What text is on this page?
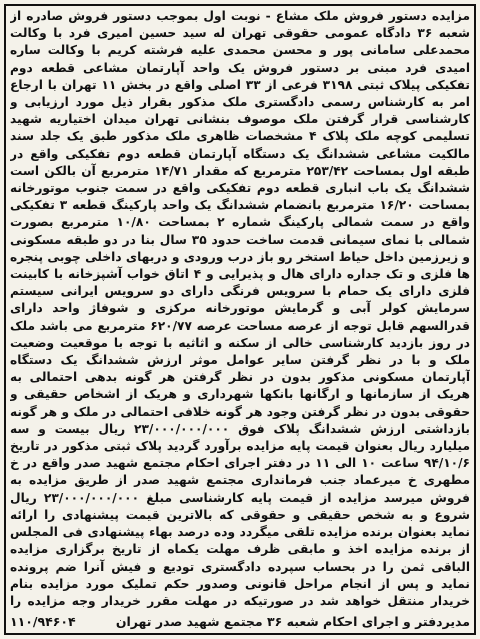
مزایده دستور فروش ملک مشاع - نوبت اول بموجب دستور فروش صادره از شعبه ۳۶ دادگاه عمومی حقوقی تهران له سید حسین امیری فرد با وکالت محمدعلی سامانی پور و محسن محمدی علیه فرشته کریم با وکالت ساره امیدی فرد مبنی بر دستور فروش یک واحد آپارتمان مشاعی قطعه دوم تفکیکی پیلاک ثبتی ۳۱۹۸ فرعی از ۳۳ اصلی واقع در بخش ۱۱ تهران با ارجاع امر به کارشناس رسمی دادگستری ملک مذکور بقرار ذیل مورد ارزیابی و کارشناسی قرار گرفتن ملک موصوف بنشانی تهران میدان اختیاریه شهید تسلیمی کوچه ملک پلاک ۴ مشخصات ظاهری ملک مذکور طبق یک جلد سند مالکیت مشاعی ششدانگ یک دستگاه آپارتمان قطعه دوم تفکیکی واقع در طبقه اول بمساحت ۲۵۳/۴۲ مترمربع که مقدار ۱۴/۷۱ مترمربع آن بالکن است ششدانگ یک باب انباری قطعه دوم تفکیکی واقع در سمت جنوب موتورخانه بمساحت ۱۶/۲۰ مترمربع بانضمام ششدانگ یک واحد پارکینگ قطعه ۳ تفکیکی واقع در سمت شمالی پارکینگ شماره ۲ بمساحت ۱۰/۸۰ مترمربع بصورت شمالی با نمای سیمانی قدمت ساخت حدود ۳۵ سال بنا در دو طبقه مسکونی و زیرزمین داخل حیاط استخر رو باز درب ورودی و دربهای داخلی چوبی پنجره ها فلزی و تک جداره دارای هال و پذیرایی و ۴ اتاق خواب آشپزخانه با کابینت فلزی دارای یک حمام با سرویس فرنگی دارای دو سرویس ایرانی سیستم سرمایش کولر آبی و گرمایش موتورخانه مرکزی و شوفاژ واحد دارای قدرالسهم قابل توجه از عرصه مساحت عرصه ۶۲۰/۷۷ مترمربع می باشد ملک در روز بازدید کارشناسی خالی از سکنه و اثاثیه با توجه با موقعیت وضعیت ملک و با در نظر گرفتن سایر عوامل موثر ارزش ششدانگ یک دستگاه آپارتمان مسکونی مذکور بدون در نظر گرفتن هر گونه بدهی احتمالی به هریک از سازمانها و ارگانها بانکها شهرداری و هریک از اشخاص حقیقی و حقوقی بدون در نظر گرفتن وجود هر گونه خلافی احتمالی در ملک و هر گونه بازداشتی ارزش ششدانگ پلاک فوق ۲۳/۰۰۰/۰۰۰/۰۰۰ ریال بیست و سه میلیارد ریال بعنوان قیمت پایه مزایده برآورد گردید پلاک ثبتی مذکور در تاریخ ۹۴/۱۰/۶ ساعت ۱۰ الی ۱۱ در دفتر اجرای احکام مجتمع شهید صدر واقع در خ مطهری خ میرعماد جنب فرمانداری مجتمع شهید صدر از طریق مزایده به فروش میرسد مزایده از قیمت پایه کارشناسی مبلغ ۲۳/۰۰۰/۰۰۰/۰۰۰ ریال شروع و به شخص حقیقی و حقوقی که بالاترین قیمت پیشنهادی را ارائه نماید بعنوان برنده مزایده تلقی میگردد وده درصد بهاء پیشنهادی فی المجلس از برنده مزایده اخذ و مابقی ظرف مهلت یکماه از تاریخ برگزاری مزایده الباقی ثمن را در بحساب سپرده دادگستری تودیع و فیش آنرا ضم پرونده نماید و پس از انجام مراحل قانونی وصدور حکم تملیک مورد مزایده بنام خریدار منتقل خواهد شد در صورتیکه در مهلت مقرر خریدار وجه مزایده را
مدیردفتر و اجرای احکام شعبه ۳۶ مجتمع شهید صدر تهران
۱۱۰/۹۴۶۰۴
